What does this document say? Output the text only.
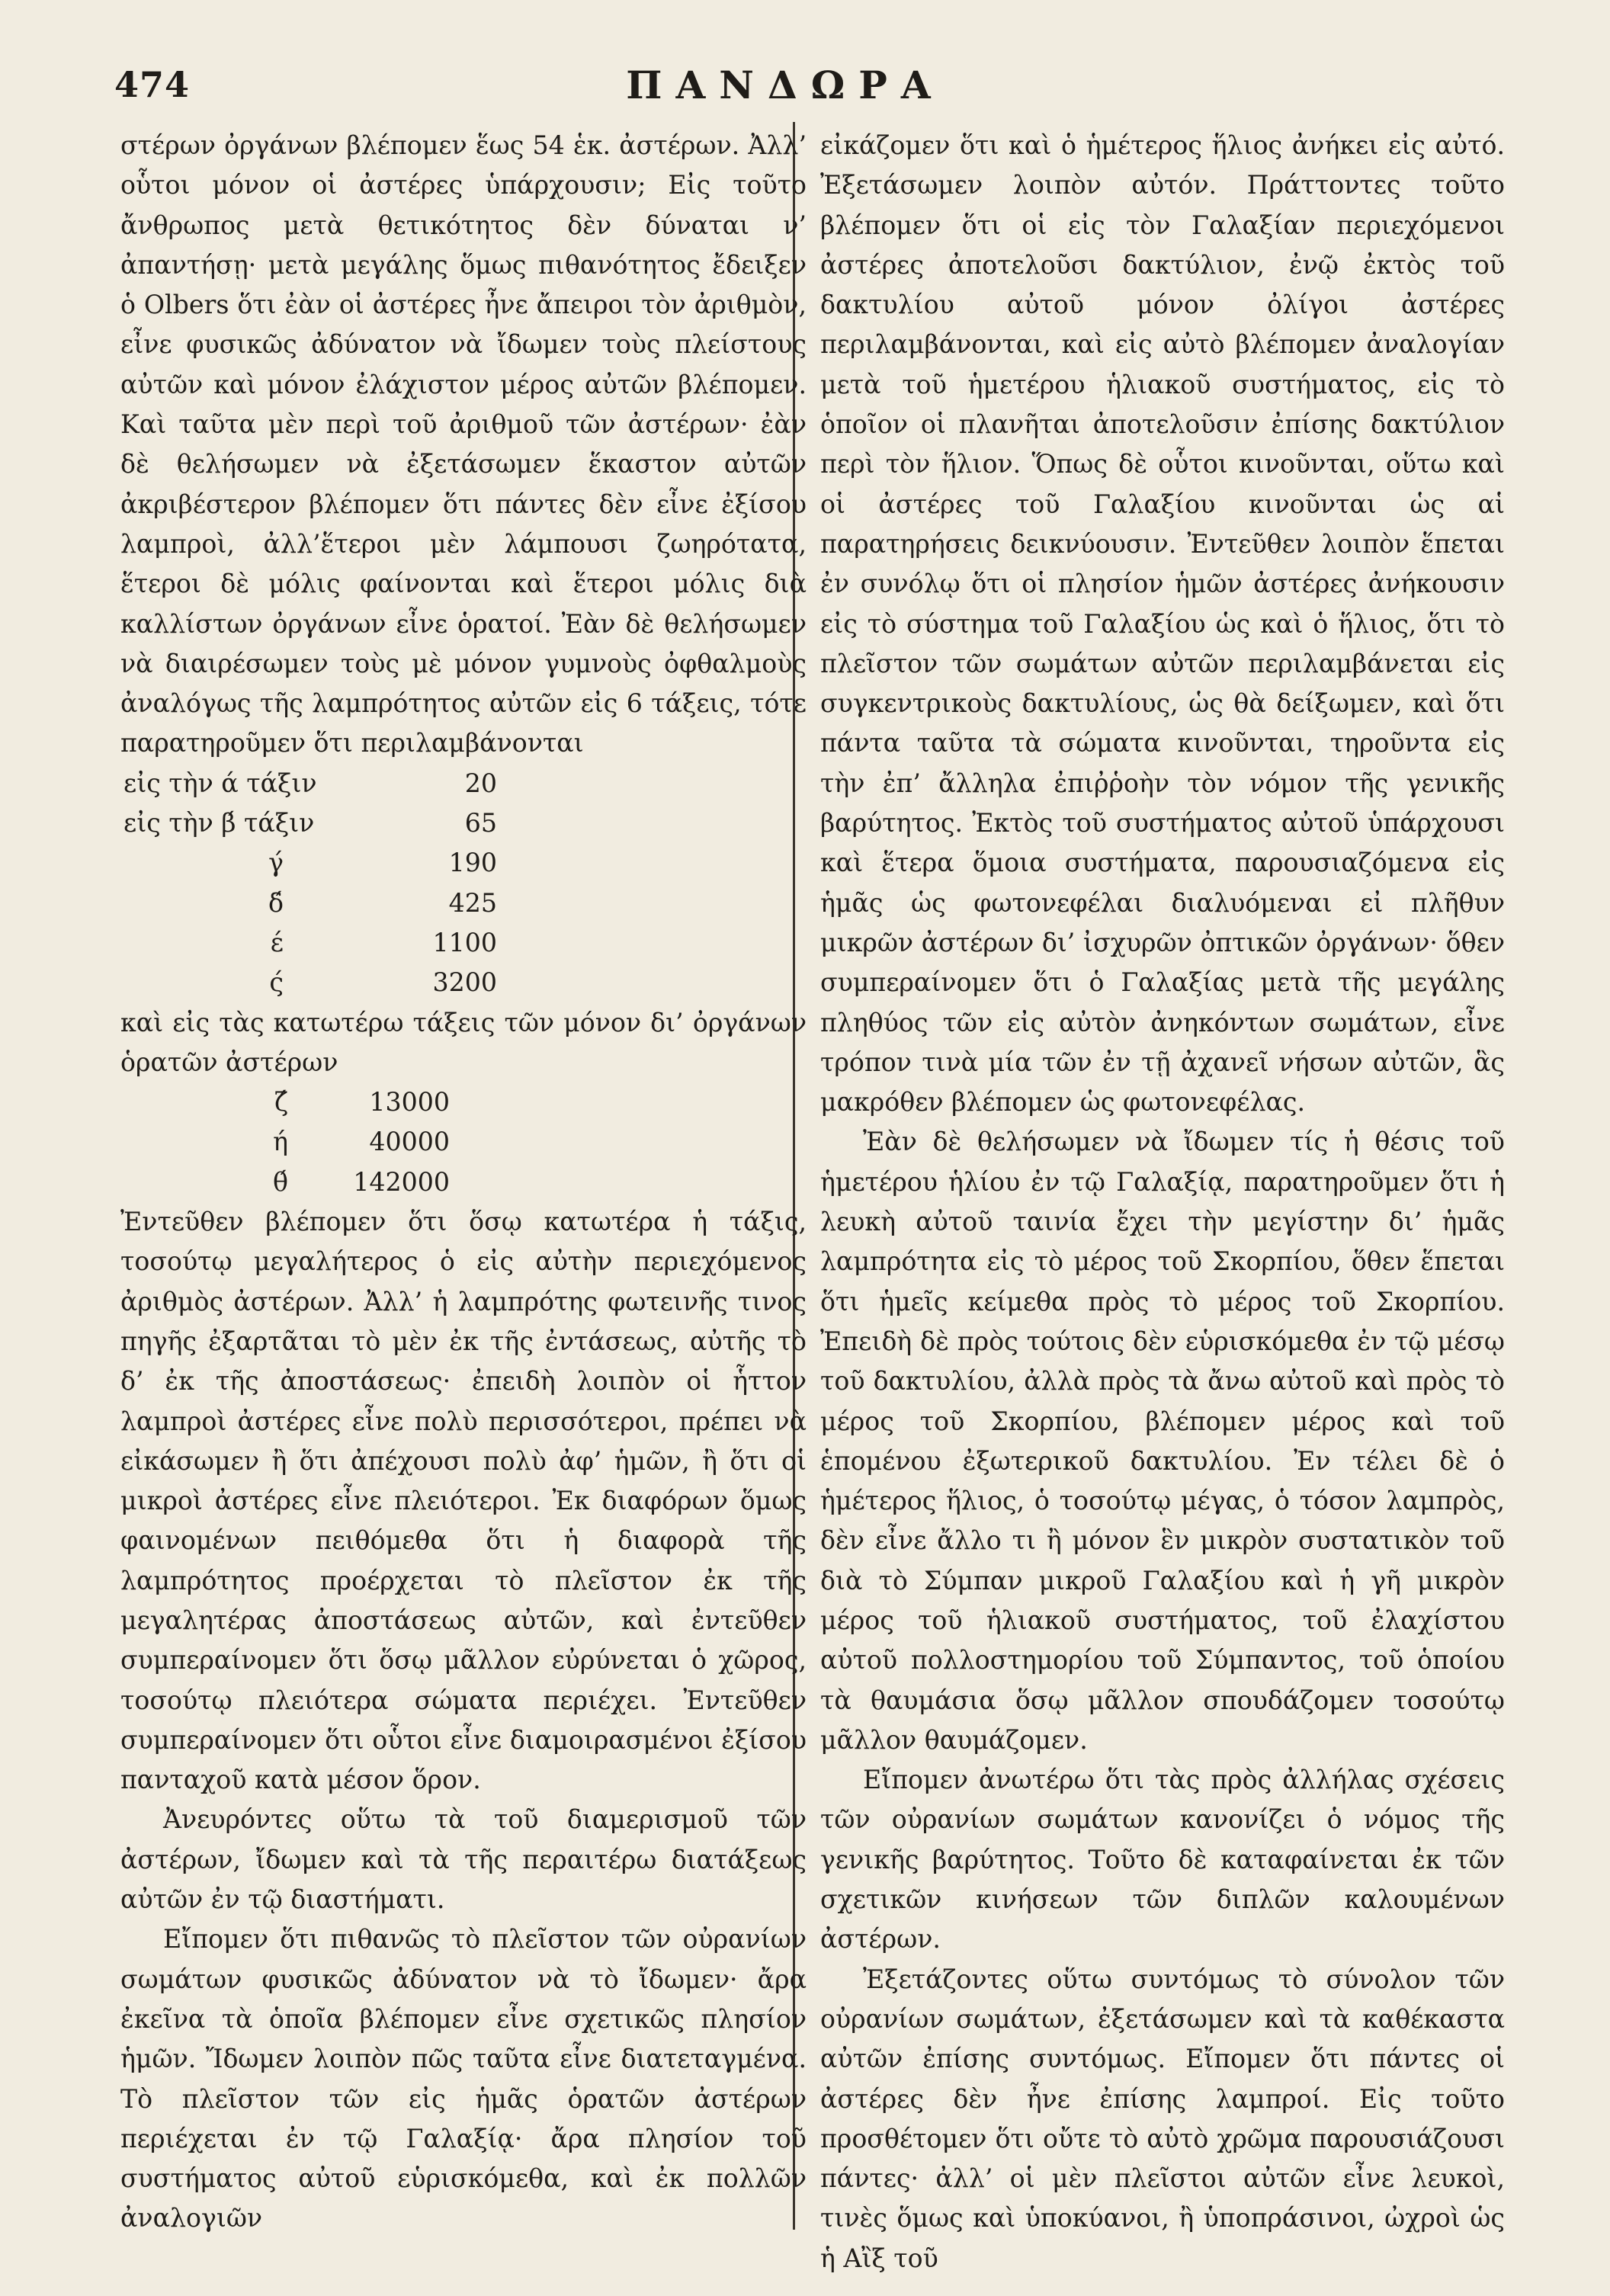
474	ΠΑΝΔΩΡΑ

στέρων ὀργάνων βλέπομεν ἕως 54 ἑκ. ἀστέρων. Ἀλλ’ οὗτοι μόνον οἱ ἀστέρες ὑπάρχουσιν; Εἰς τοῦτο ἄνθρωπος μετὰ θετικότητος δὲν δύναται ν’ ἀπαντήσῃ· μετὰ μεγάλης ὅμως πιθανότητος ἔδειξεν ὁ Olbers ὅτι ἐὰν οἱ ἀστέρες ἦνε ἄπειροι τὸν ἀριθμὸν, εἶνε φυσικῶς ἀδύνατον νὰ ἴδωμεν τοὺς πλείστους αὐτῶν καὶ μόνον ἐλάχιστον μέρος αὐτῶν βλέπομεν. Καὶ ταῦτα μὲν περὶ τοῦ ἀριθμοῦ τῶν ἀστέρων· ἐὰν δὲ θελήσωμεν νὰ ἐξετάσωμεν ἕκαστον αὐτῶν ἀκριβέστερον βλέπομεν ὅτι πάντες δὲν εἶνε ἐξίσου λαμπροὶ, ἀλλ’ἕτεροι μὲν λάμπουσι ζωηρότατα, ἕτεροι δὲ μόλις φαίνονται καὶ ἕτεροι μόλις διὰ καλλίστων ὀργάνων εἶνε ὁρατοί. Ἐὰν δὲ θελήσωμεν νὰ διαιρέσωμεν τοὺς μὲ μόνον γυμνοὺς ὀφθαλμοὺς ἀναλόγως τῆς λαμπρότητος αὐτῶν εἰς 6 τάξεις, τότε παρατηροῦμεν ὅτι περιλαμβάνονται

εἰς τὴν ά τάξιν	20
εἰς τὴν β́ τάξιν	65
γ́	190
δ́	425
έ	1100
ς́	3200

καὶ εἰς τὰς κατωτέρω τάξεις τῶν μόνον δι’ ὀργάνων ὁρατῶν ἀστέρων

ζ́	13000
ή	40000
θ́	142000

Ἐντεῦθεν βλέπομεν ὅτι ὅσῳ κατωτέρα ἡ τάξις, τοσούτῳ μεγαλήτερος ὁ εἰς αὐτὴν περιεχόμενος ἀριθμὸς ἀστέρων. Ἀλλ’ ἡ λαμπρότης φωτεινῆς τινος πηγῆς ἐξαρτᾶται τὸ μὲν ἐκ τῆς ἐντάσεως, αὐτῆς τὸ δ’ ἐκ τῆς ἀποστάσεως· ἐπειδὴ λοιπὸν οἱ ἧττον λαμπροὶ ἀστέρες εἶνε πολὺ περισσότεροι, πρέπει νὰ εἰκάσωμεν ἢ ὅτι ἀπέχουσι πολὺ ἀφ’ ἡμῶν, ἢ ὅτι οἱ μικροὶ ἀστέρες εἶνε πλειότεροι. Ἐκ διαφόρων ὅμως φαινομένων πειθόμεθα ὅτι ἡ διαφορὰ τῆς λαμπρότητος προέρχεται τὸ πλεῖστον ἐκ τῆς μεγαλητέρας ἀποστάσεως αὐτῶν, καὶ ἐντεῦθεν συμπεραίνομεν ὅτι ὅσῳ μᾶλλον εὐρύνεται ὁ χῶρος, τοσούτῳ πλειότερα σώματα περιέχει. Ἐντεῦθεν συμπεραίνομεν ὅτι οὗτοι εἶνε διαμοιρασμένοι ἐξίσου πανταχοῦ κατὰ μέσον ὅρον.

Ἀνευρόντες οὕτω τὰ τοῦ διαμερισμοῦ τῶν ἀστέρων, ἴδωμεν καὶ τὰ τῆς περαιτέρω διατάξεως αὐτῶν ἐν τῷ διαστήματι.

Εἴπομεν ὅτι πιθανῶς τὸ πλεῖστον τῶν οὐρανίων σωμάτων φυσικῶς ἀδύνατον νὰ τὸ ἴδωμεν· ἄρα ἐκεῖνα τὰ ὁποῖα βλέπομεν εἶνε σχετικῶς πλησίον ἡμῶν. Ἴδωμεν λοιπὸν πῶς ταῦτα εἶνε διατεταγμένα. Τὸ πλεῖστον τῶν εἰς ἡμᾶς ὁρατῶν ἀστέρων περιέχεται ἐν τῷ Γαλαξίᾳ· ἄρα πλησίον τοῦ συστήματος αὐτοῦ εὑρισκόμεθα, καὶ ἐκ πολλῶν ἀναλογιῶν

εἰκάζομεν ὅτι καὶ ὁ ἡμέτερος ἥλιος ἀνήκει εἰς αὐτό. Ἐξετάσωμεν λοιπὸν αὐτόν. Πράττοντες τοῦτο βλέπομεν ὅτι οἱ εἰς τὸν Γαλαξίαν περιεχόμενοι ἀστέρες ἀποτελοῦσι δακτύλιον, ἐνῷ ἐκτὸς τοῦ δακτυλίου αὐτοῦ μόνον ὀλίγοι ἀστέρες περιλαμβάνονται, καὶ εἰς αὐτὸ βλέπομεν ἀναλογίαν μετὰ τοῦ ἡμετέρου ἡλιακοῦ συστήματος, εἰς τὸ ὁποῖον οἱ πλανῆται ἀποτελοῦσιν ἐπίσης δακτύλιον περὶ τὸν ἥλιον. Ὅπως δὲ οὗτοι κινοῦνται, οὕτω καὶ οἱ ἀστέρες τοῦ Γαλαξίου κινοῦνται ὡς αἱ παρατηρήσεις δεικνύουσιν. Ἐντεῦθεν λοιπὸν ἕπεται ἐν συνόλῳ ὅτι οἱ πλησίον ἡμῶν ἀστέρες ἀνήκουσιν εἰς τὸ σύστημα τοῦ Γαλαξίου ὡς καὶ ὁ ἥλιος, ὅτι τὸ πλεῖστον τῶν σωμάτων αὐτῶν περιλαμβάνεται εἰς συγκεντρικοὺς δακτυλίους, ὡς θὰ δείξωμεν, καὶ ὅτι πάντα ταῦτα τὰ σώματα κινοῦνται, τηροῦντα εἰς τὴν ἐπ’ ἄλληλα ἐπιῤῥοὴν τὸν νόμον τῆς γενικῆς βαρύτητος. Ἐκτὸς τοῦ συστήματος αὐτοῦ ὑπάρχουσι καὶ ἕτερα ὅμοια συστήματα, παρουσιαζόμενα εἰς ἡμᾶς ὡς φωτονεφέλαι διαλυόμεναι εἰ πλῆθυν μικρῶν ἀστέρων δι’ ἰσχυρῶν ὀπτικῶν ὀργάνων· ὅθεν συμπεραίνομεν ὅτι ὁ Γαλαξίας μετὰ τῆς μεγάλης πληθύος τῶν εἰς αὐτὸν ἀνηκόντων σωμάτων, εἶνε τρόπον τινὰ μία τῶν ἐν τῇ ἀχανεῖ νήσων αὐτῶν, ἃς μακρόθεν βλέπομεν ὡς φωτονεφέλας.

Ἐὰν δὲ θελήσωμεν νὰ ἴδωμεν τίς ἡ θέσις τοῦ ἡμετέρου ἡλίου ἐν τῷ Γαλαξίᾳ, παρατηροῦμεν ὅτι ἡ λευκὴ αὐτοῦ ταινία ἔχει τὴν μεγίστην δι’ ἡμᾶς λαμπρότητα εἰς τὸ μέρος τοῦ Σκορπίου, ὅθεν ἕπεται ὅτι ἡμεῖς κείμεθα πρὸς τὸ μέρος τοῦ Σκορπίου. Ἐπειδὴ δὲ πρὸς τούτοις δὲν εὑρισκόμεθα ἐν τῷ μέσῳ τοῦ δακτυλίου, ἀλλὰ πρὸς τὰ ἄνω αὐτοῦ καὶ πρὸς τὸ μέρος τοῦ Σκορπίου, βλέπομεν μέρος καὶ τοῦ ἑπομένου ἐξωτερικοῦ δακτυλίου. Ἐν τέλει δὲ ὁ ἡμέτερος ἥλιος, ὁ τοσούτῳ μέγας, ὁ τόσον λαμπρὸς, δὲν εἶνε ἄλλο τι ἢ μόνον ἓν μικρὸν συστατικὸν τοῦ διὰ τὸ Σύμπαν μικροῦ Γαλαξίου καὶ ἡ γῆ μικρὸν μέρος τοῦ ἡλιακοῦ συστήματος, τοῦ ἐλαχίστου αὐτοῦ πολλοστημορίου τοῦ Σύμπαντος, τοῦ ὁποίου τὰ θαυμάσια ὅσῳ μᾶλλον σπουδάζομεν τοσούτῳ μᾶλλον θαυμάζομεν.

Εἴπομεν ἀνωτέρω ὅτι τὰς πρὸς ἀλλήλας σχέσεις τῶν οὐρανίων σωμάτων κανονίζει ὁ νόμος τῆς γενικῆς βαρύτητος. Τοῦτο δὲ καταφαίνεται ἐκ τῶν σχετικῶν κινήσεων τῶν διπλῶν καλουμένων ἀστέρων.

Ἐξετάζοντες οὕτω συντόμως τὸ σύνολον τῶν οὐρανίων σωμάτων, ἐξετάσωμεν καὶ τὰ καθέκαστα αὐτῶν ἐπίσης συντόμως. Εἴπομεν ὅτι πάντες οἱ ἀστέρες δὲν ἦνε ἐπίσης λαμπροί. Εἰς τοῦτο προσθέτομεν ὅτι οὔτε τὸ αὐτὸ χρῶμα παρουσιάζουσι πάντες· ἀλλ’ οἱ μὲν πλεῖστοι αὐτῶν εἶνε λευκοὶ, τινὲς ὅμως καὶ ὑποκύανοι, ἢ ὑποπράσινοι, ὠχροὶ ὡς ἡ Αἲξ τοῦ
